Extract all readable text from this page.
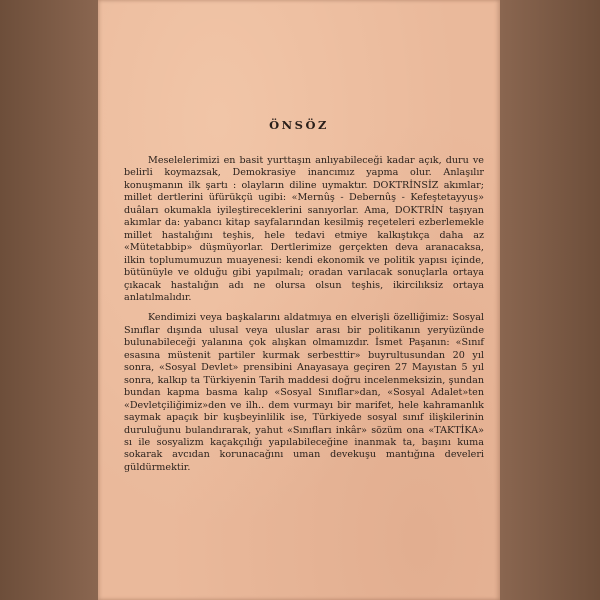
ÖNSÖZ

Meselelerimizi en basit yurttaşın anlıyabileceği kadar açık, duru ve belirli koymazsak, Demokrasiye inancımız yapma olur. Anlaşılır konuşmanın ilk şartı : olayların diline uymaktır. DOKTRİNSİZ akımlar; millet dertlerini üfürükçü ugibi: «Mernûş - Debernûş - Kefeştetayyuş» duâları okumakla iyileştireceklerini sanıyorlar. Ama, DOKTRİN taşıyan akımlar da: yabancı kitap sayfalarından kesilmiş reçeteleri ezberlemekle millet hastalığını teşhis, hele tedavi etmiye kalkıştıkça daha az «Mütetabbip» düşmüyorlar. Dertlerimize gerçekten deva aranacaksa, ilkin toplumumuzun muayenesi: kendi ekonomik ve politik yapısı içinde, bütünüyle ve olduğu gibi yapılmalı; oradan varılacak sonuçlarla ortaya çıkacak hastalığın adı ne olursa olsun teşhis, ikircilıksiz ortaya anlatılmalıdır.

Kendimizi veya başkalarını aldatmıya en elverişli özelliğimiz: Sosyal Sınıflar dışında ulusal veya uluslar arası bir politikanın yeryüzünde bulunabileceği yalanına çok alışkan olmamızdır. İsmet Paşanın: «Sınıf esasına müstenit partiler kurmak serbesttir» buyrultusundan 20 yıl sonra, «Sosyal Devlet» prensibini Anayasaya geçiren 27 Mayıstan 5 yıl sonra, kalkıp ta Türkiyenin Tarih maddesi doğru incelenmeksizin, şundan bundan kapma basma kalıp «Sosyal Sınıflar»dan, «Sosyal Adalet»ten «Devletçiliğimiz»den ve ilh.. dem vurmayı bir marifet, hele kahramanlık saymak apaçık bir kuşbeyinlilik ise, Türkiyede sosyal sınıf ilişkilerinin duruluğunu bulandırarak, yahut «Sınıfları inkâr» sözüm ona «TAKTİKA» sı ile sosyalizm kaçakçılığı yapılabileceğine inanmak ta, başını kuma sokarak avcıdan korunacağını uman devekuşu mantığına develeri güldürmektir.
